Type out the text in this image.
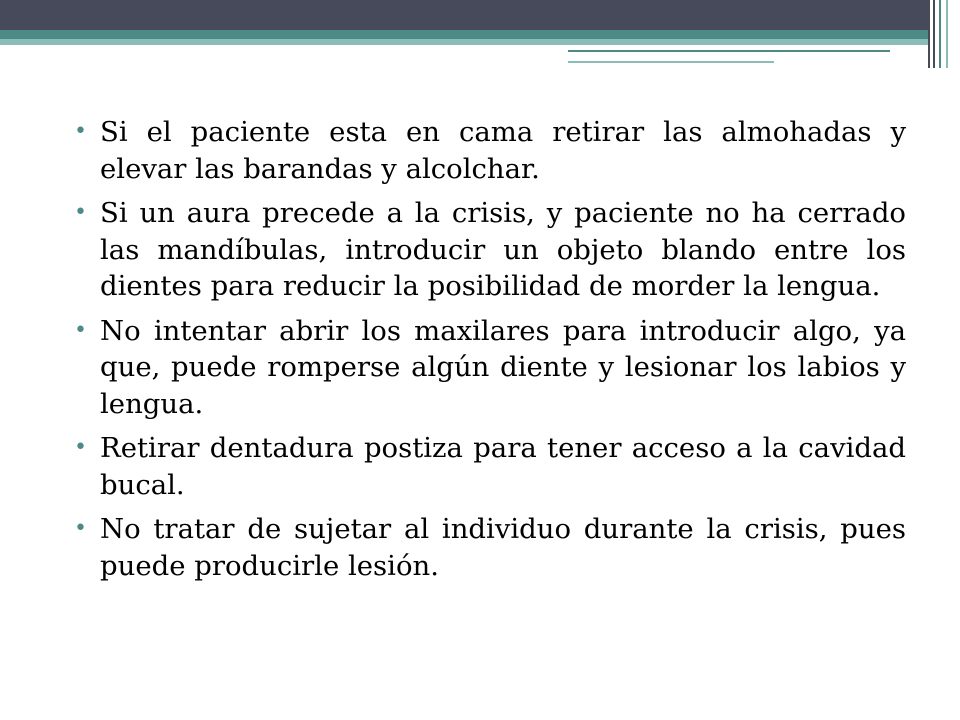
• Si el paciente esta en cama retirar las almohadas y elevar las barandas y alcolchar.
• Si un aura precede a la crisis, y paciente no ha cerrado las mandíbulas, introducir un objeto blando entre los dientes para reducir la posibilidad de morder la lengua.
• No intentar abrir los maxilares para introducir algo, ya que, puede romperse algún diente y lesionar los labios y lengua.
• Retirar dentadura postiza para tener acceso a la cavidad bucal.
• No tratar de sujetar al individuo durante la crisis, pues puede producirle lesión.
